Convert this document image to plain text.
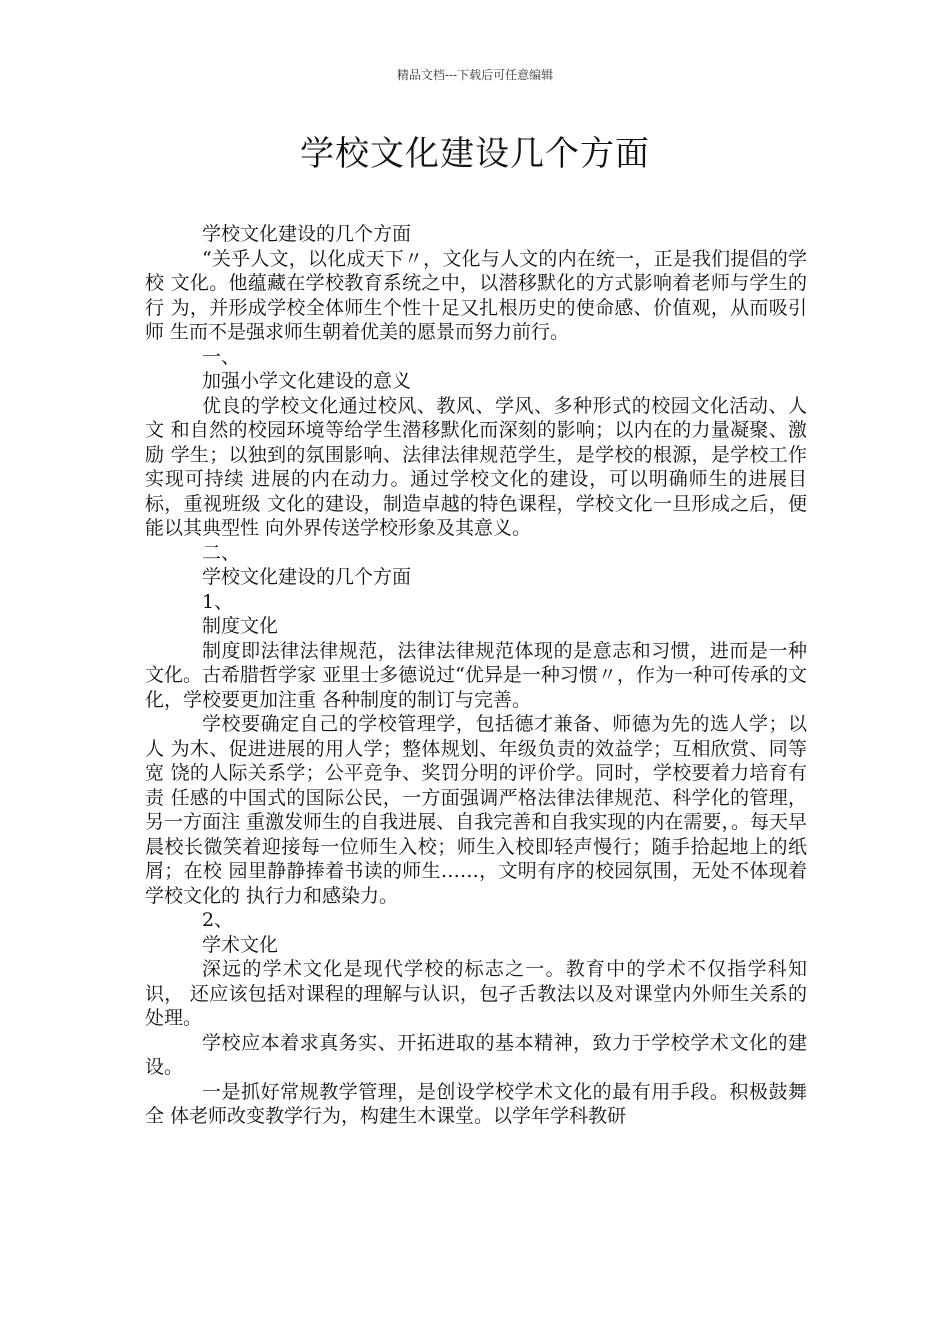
精品文档---下载后可任意编辑
学校文化建设几个方面

学校文化建设的几个方面

“关乎人文，以化成天下〃，文化与人文的内在统一，正是我们提倡的学校 文化。他蕴藏在学校教育系统之中，以潜移默化的方式影响着老师与学生的行 为，并形成学校全体师生个性十足又扎根历史的使命感、价值观，从而吸引师 生而不是强求师生朝着优美的愿景而努力前行。

一、

加强小学文化建设的意义

优良的学校文化通过校风、教风、学风、多种形式的校园文化活动、人文 和自然的校园环境等给学生潜移默化而深刻的影响；以内在的力量凝聚、激励 学生；以独到的氛围影响、法律法律规范学生，是学校的根源，是学校工作实现可持续 进展的内在动力。通过学校文化的建设，可以明确师生的进展目标，重视班级 文化的建设，制造卓越的特色课程，学校文化一旦形成之后，便能以其典型性 向外界传送学校形象及其意义。

二、

学校文化建设的几个方面

1、

制度文化

制度即法律法律规范，法律法律规范体现的是意志和习惯，进而是一种文化。古希腊哲学家 亚里士多德说过“优异是一种习惯〃，作为一种可传承的文化，学校要更加注重 各种制度的制订与完善。

学校要确定自己的学校管理学，包括德才兼备、师德为先的选人学；以人 为木、促进进展的用人学；整体规划、年级负责的效益学；互相欣赏、同等宽 饶的人际关系学；公平竞争、奖罚分明的评价学。同时，学校要着力培育有责 任感的中国式的国际公民，一方面强调严格法律法律规范、科学化的管理，另一方面注 重激发师生的自我进展、自我完善和自我实现的内在需要，。每天早晨校长微笑着迎接每一位师生入校；师生入校即轻声慢行；随手拾起地上的纸屑；在校 园里静静捧着书读的师生……，文明有序的校园氛围，无处不体现着学校文化的 执行力和感染力。

2、

学术文化

深远的学术文化是现代学校的标志之一。教育中的学术不仅指学科知识， 还应该包括对课程的理解与认识，包孑舌教法以及对课堂内外师生关系的处理。

学校应本着求真务实、开拓进取的基本精神，致力于学校学术文化的建设。

一是抓好常规教学管理，是创设学校学术文化的最有用手段。积极鼓舞全 体老师改变教学行为，构建生木课堂。以学年学科教研
